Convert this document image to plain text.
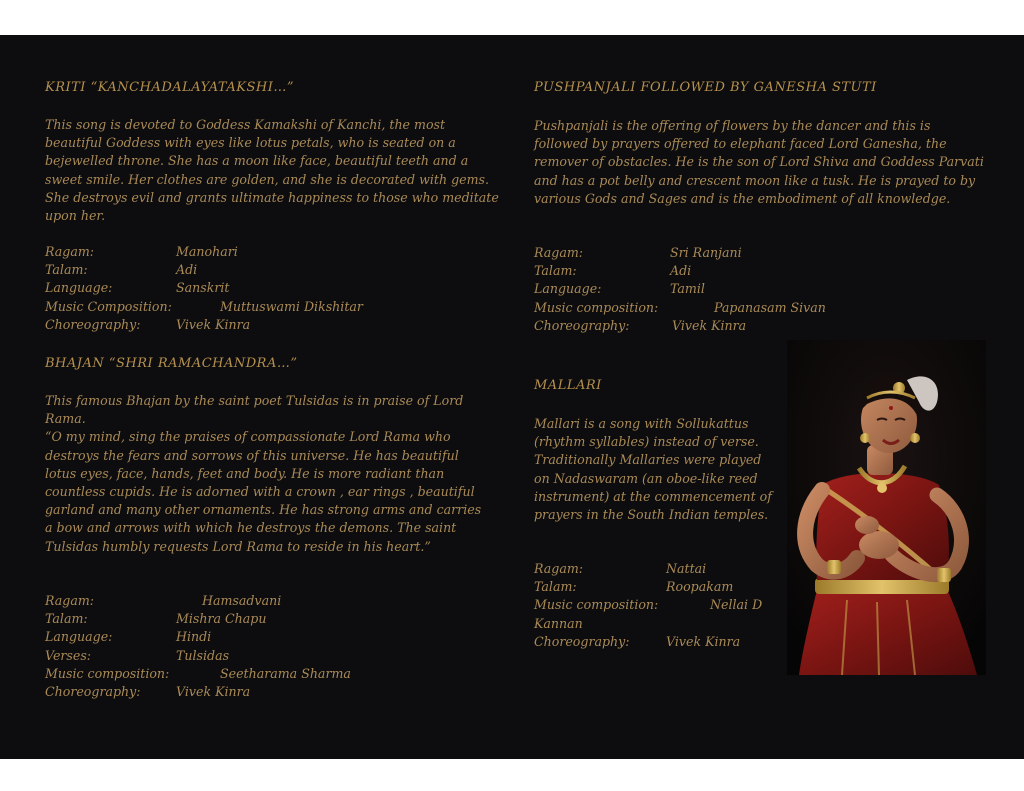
KRITI “KANCHADALAYATAKSHI…”

This song is devoted to Goddess Kamakshi of Kanchi, the most beautiful Goddess with eyes like lotus petals, who is seated on a bejewelled throne. She has a moon like face, beautiful teeth and a sweet smile. Her clothes are golden, and she is decorated with gems. She destroys evil and grants ultimate happiness to those who meditate upon her.

Ragam:	Manohari
Talam:	Adi
Language:	Sanskrit
Music Composition:	Muttuswami Dikshitar
Choreography:	Vivek Kinra
BHAJAN “SHRI RAMACHANDRA…”

This famous Bhajan by the saint poet Tulsidas is in praise of Lord Rama.

“O my mind, sing the praises of compassionate Lord Rama who destroys the fears and sorrows of this universe. He has beautiful lotus eyes, face, hands, feet and body. He is more radiant than countless cupids. He is adorned with a crown , ear rings , beautiful garland and many other ornaments. He has strong arms and carries a bow and arrows with which he destroys the demons. The saint Tulsidas humbly requests Lord Rama to reside in his heart.”

Ragam:	Hamsadvani
Talam:	Mishra Chapu
Language:	Hindi
Verses:	Tulsidas
Music composition:	Seetharama Sharma
Choreography:	Vivek Kinra
PUSHPANJALI FOLLOWED BY GANESHA STUTI

Pushpanjali is the offering of flowers by the dancer and this is followed by prayers offered to elephant faced Lord Ganesha, the remover of obstacles. He is the son of Lord Shiva and Goddess Parvati and has a pot belly and crescent moon like a tusk. He is prayed to by various Gods and Sages and is the embodiment of all knowledge.

Ragam:	Sri Ranjani
Talam:	Adi
Language:	Tamil
Music composition:	Papanasam Sivan
Choreography:	Vivek Kinra
MALLARI

Mallari is a song with Sollukattus (rhythm syllables) instead of verse. Traditionally Mallaries were played on Nadaswaram (an oboe-like reed instrument) at the commencement of prayers in the South Indian temples.

Ragam:	Nattai
Talam:	Roopakam
Music composition:	Nellai D
Kannan
Choreography:	Vivek Kinra
